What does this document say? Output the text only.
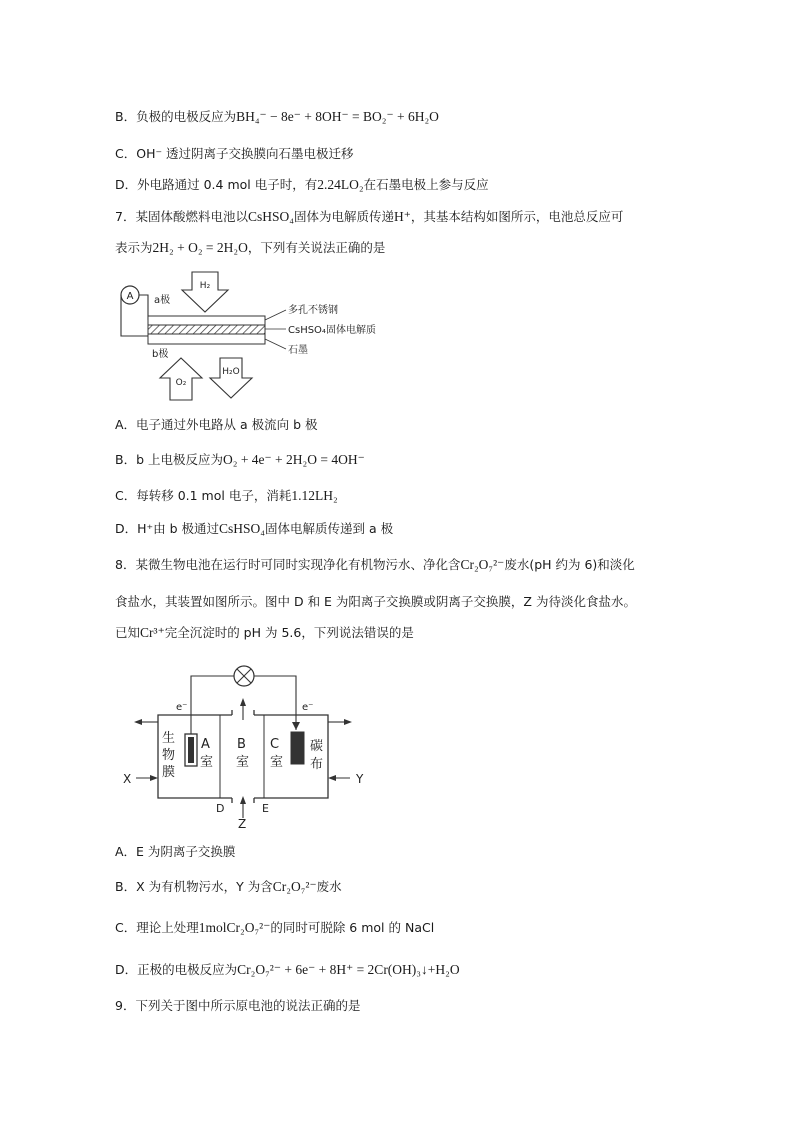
B．负极的电极反应为BH₄⁻ − 8e⁻ + 8OH⁻ = BO₂⁻ + 6H₂O
C．OH⁻ 透过阴离子交换膜向石墨电极迁移
D．外电路通过 0.4 mol 电子时，有2.24LO₂在石墨电极上参与反应
7．某固体酸燃料电池以CsHSO₄固体为电解质传递H⁺，其基本结构如图所示，电池总反应可
表示为2H₂ + O₂ = 2H₂O，下列有关说法正确的是
A a极
b极
H₂
O₂
H₂O
多孔不锈钢
CsHSO₄固体电解质
石墨
A．电子通过外电路从 a 极流向 b 极
B．b 上电极反应为O₂ + 4e⁻ + 2H₂O = 4OH⁻
C．每转移 0.1 mol 电子，消耗1.12LH₂
D．H⁺由 b 极通过CsHSO₄固体电解质传递到 a 极
8．某微生物电池在运行时可同时实现净化有机物污水、净化含Cr₂O₇²⁻废水(pH 约为 6)和淡化
食盐水，其装置如图所示。图中 D 和 E 为阳离子交换膜或阴离子交换膜，Z 为待淡化食盐水。
已知Cr³⁺完全沉淀时的 pH 为 5.6，下列说法错误的是
e⁻	e⁻
X	Y
Z
D	E
生
物
膜
A
室
B
室
C
室
碳
布
A．E 为阴离子交换膜
B．X 为有机物污水，Y 为含Cr₂O₇²⁻废水
C．理论上处理1molCr₂O₇²⁻的同时可脱除 6 mol 的 NaCl
D．正极的电极反应为Cr₂O₇²⁻ + 6e⁻ + 8H⁺ = 2Cr(OH)₃↓+H₂O
9．下列关于图中所示原电池的说法正确的是
